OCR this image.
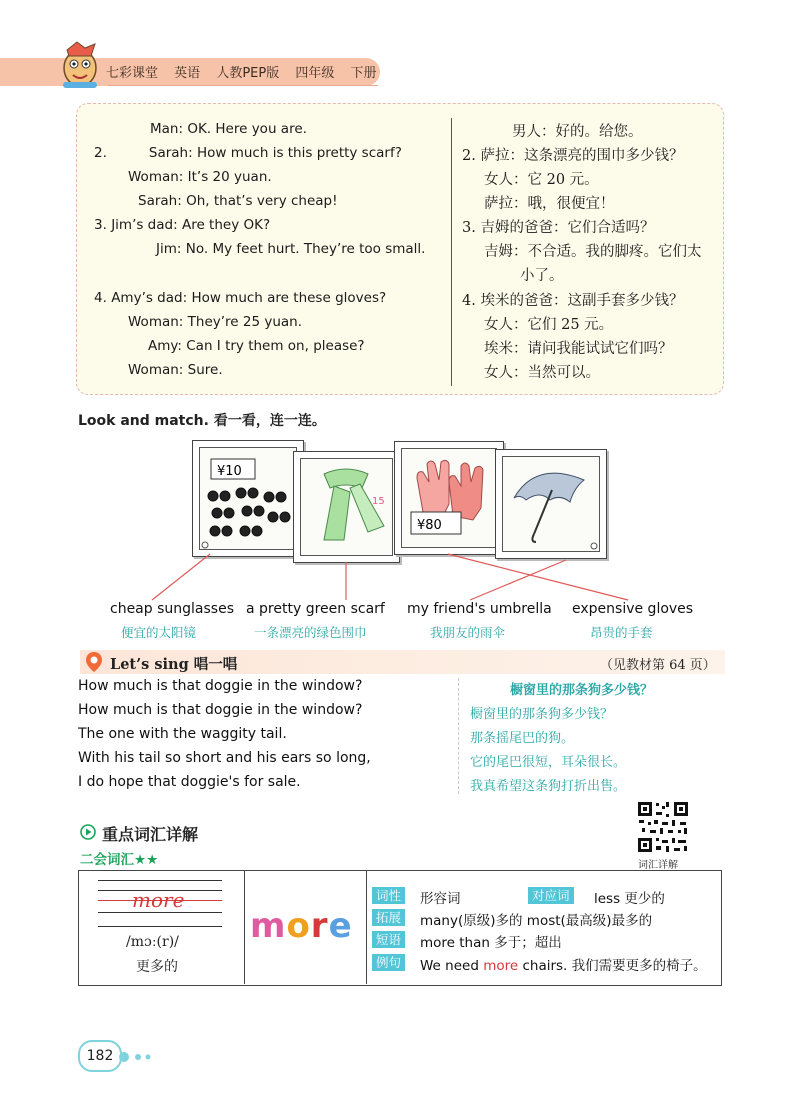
七彩课堂 英语 人教PEP版 四年级 下册
Man: OK. Here you are.
2.	Sarah: How much is this pretty scarf?
Woman: It’s 20 yuan.
Sarah: Oh, that’s very cheap!
3. Jim’s dad: Are they OK?
Jim: No. My feet hurt. They’re too small.
4. Amy’s dad: How much are these gloves?
Woman: They’re 25 yuan.
Amy: Can I try them on, please?
Woman: Sure.
男人：好的。给您。
2. 萨拉：这条漂亮的围巾多少钱？
女人：它 20 元。
萨拉：哦，很便宜！
3. 吉姆的爸爸：它们合适吗？
吉姆：不合适。我的脚疼。它们太
小了。
4. 埃米的爸爸：这副手套多少钱？
女人：它们 25 元。
埃米：请问我能试试它们吗？
女人：当然可以。
Look and match. 看一看，连一连。
¥10
15
¥80
cheap sunglasses a pretty green scarf my friend's umbrella expensive gloves
便宜的太阳镜	一条漂亮的绿色围巾	我朋友的雨伞	昂贵的手套
Let’s sing 唱一唱	（见教材第 64 页）
How much is that doggie in the window?
How much is that doggie in the window?
The one with the waggity tail.
With his tail so short and his ears so long,
I do hope that doggie's for sale.
橱窗里的那条狗多少钱？
橱窗里的那条狗多少钱？
那条摇尾巴的狗。
它的尾巴很短，耳朵很长。
我真希望这条狗打折出售。
词汇详解
重点词汇详解
二会词汇★★
more
/mɔː(r)/
更多的
more
词性 形容词	对应词 less 更少的
拓展 many(原级)多的 most(最高级)最多的
短语 more than 多于；超出
例句 We need more chairs. 我们需要更多的椅子。
182
